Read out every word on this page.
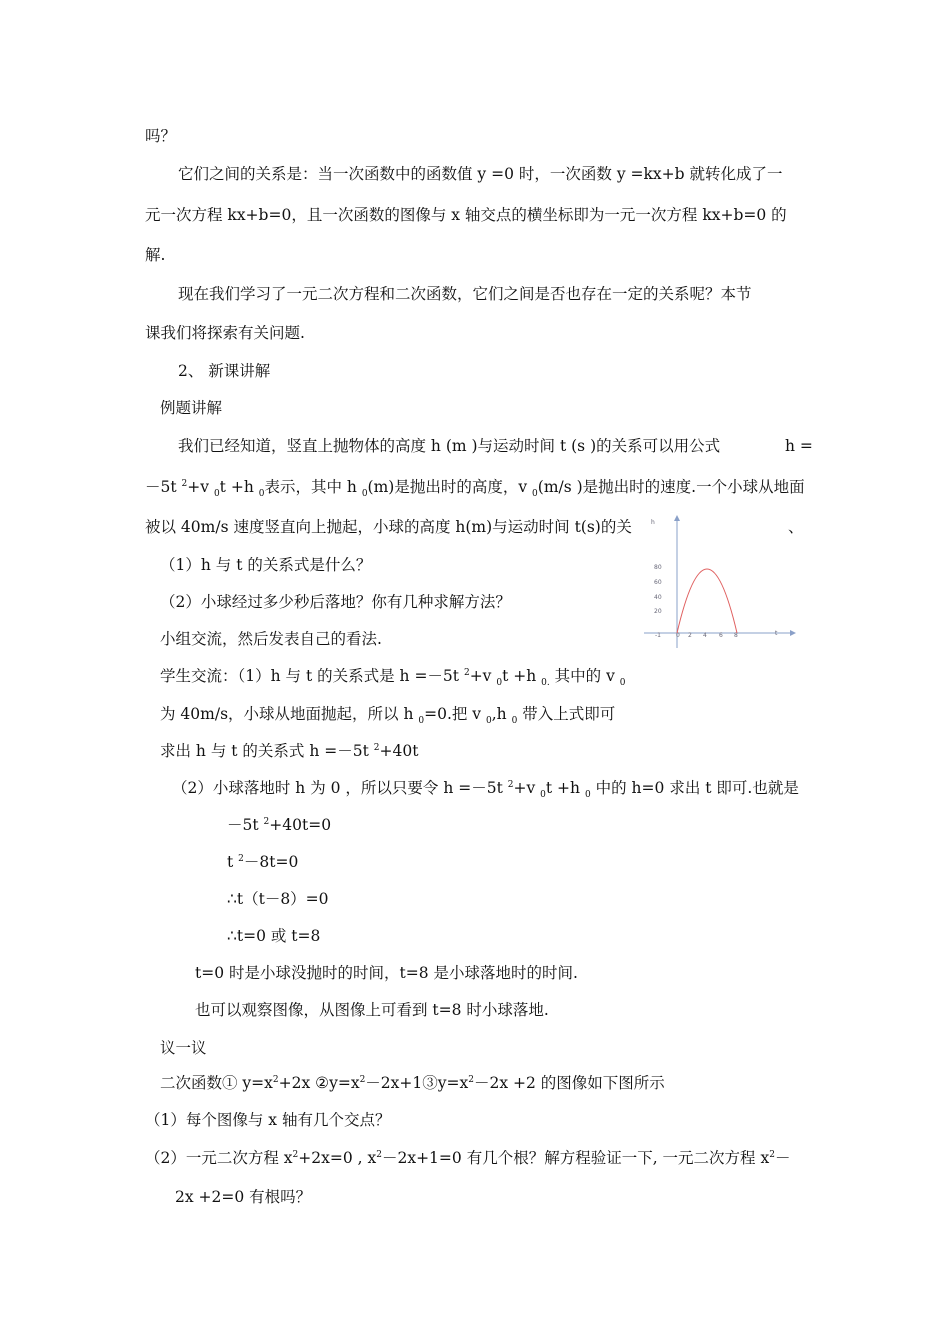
吗？
它们之间的关系是：当一次函数中的函数值 y =0 时，一次函数 y =kx+b 就转化成了一
元一次方程 kx+b=0，且一次函数的图像与 x 轴交点的横坐标即为一元一次方程 kx+b=0 的
解.
现在我们学习了一元二次方程和二次函数，它们之间是否也存在一定的关系呢？本节
课我们将探索有关问题.
2、 新课讲解
例题讲解
我们已经知道，竖直上抛物体的高度 h (m )与运动时间 t (s )的关系可以用公式	h =
－5t $^2$+v $_0$t +h $_0$表示，其中 h $_0$(m)是抛出时的高度，v $_0$(m/s )是抛出时的速度.一个小球从地面
被以 40m/s 速度竖直向上抛起，小球的高度 h(m)与运动时间 t(s)的关	、
（1）h 与 t 的关系式是什么？
（2）小球经过多少秒后落地？你有几种求解方法？
小组交流，然后发表自己的看法.
学生交流：（1）h 与 t 的关系式是 h =－5t $^2$+v $_0$t +h $_{0.}$ 其中的 v $_0$
为 40m/s，小球从地面抛起，所以 h $_0$=0.把 v $_0$,h $_0$ 带入上式即可
求出 h 与 t 的关系式 h =－5t $^2$+40t
（2）小球落地时 h 为 0 ，所以只要令 h =－5t $^2$+v $_0$t +h $_0$ 中的 h=0 求出 t 即可.也就是
－5t $^2$+40t=0
t $^2$－8t=0
∴t（t－8）=0
∴t=0 或 t=8
t=0 时是小球没抛时的时间，t=8 是小球落地时的时间.
也可以观察图像，从图像上可看到 t=8 时小球落地.
议一议
二次函数① $y=x^2+2x$ $②y=x^2-2x+1③y=x^2-2x +2$ 的图像如下图所示
（1）每个图像与 x 轴有几个交点？
（2）一元二次方程 $x^2+2x=0$ , $x^2-2x+1=0$ 有几个根？解方程验证一下, 一元二次方程 $x^2-$
2x +2=0 有根吗？
h
t
80
60
40
20
-1	0 2 4 6 8
